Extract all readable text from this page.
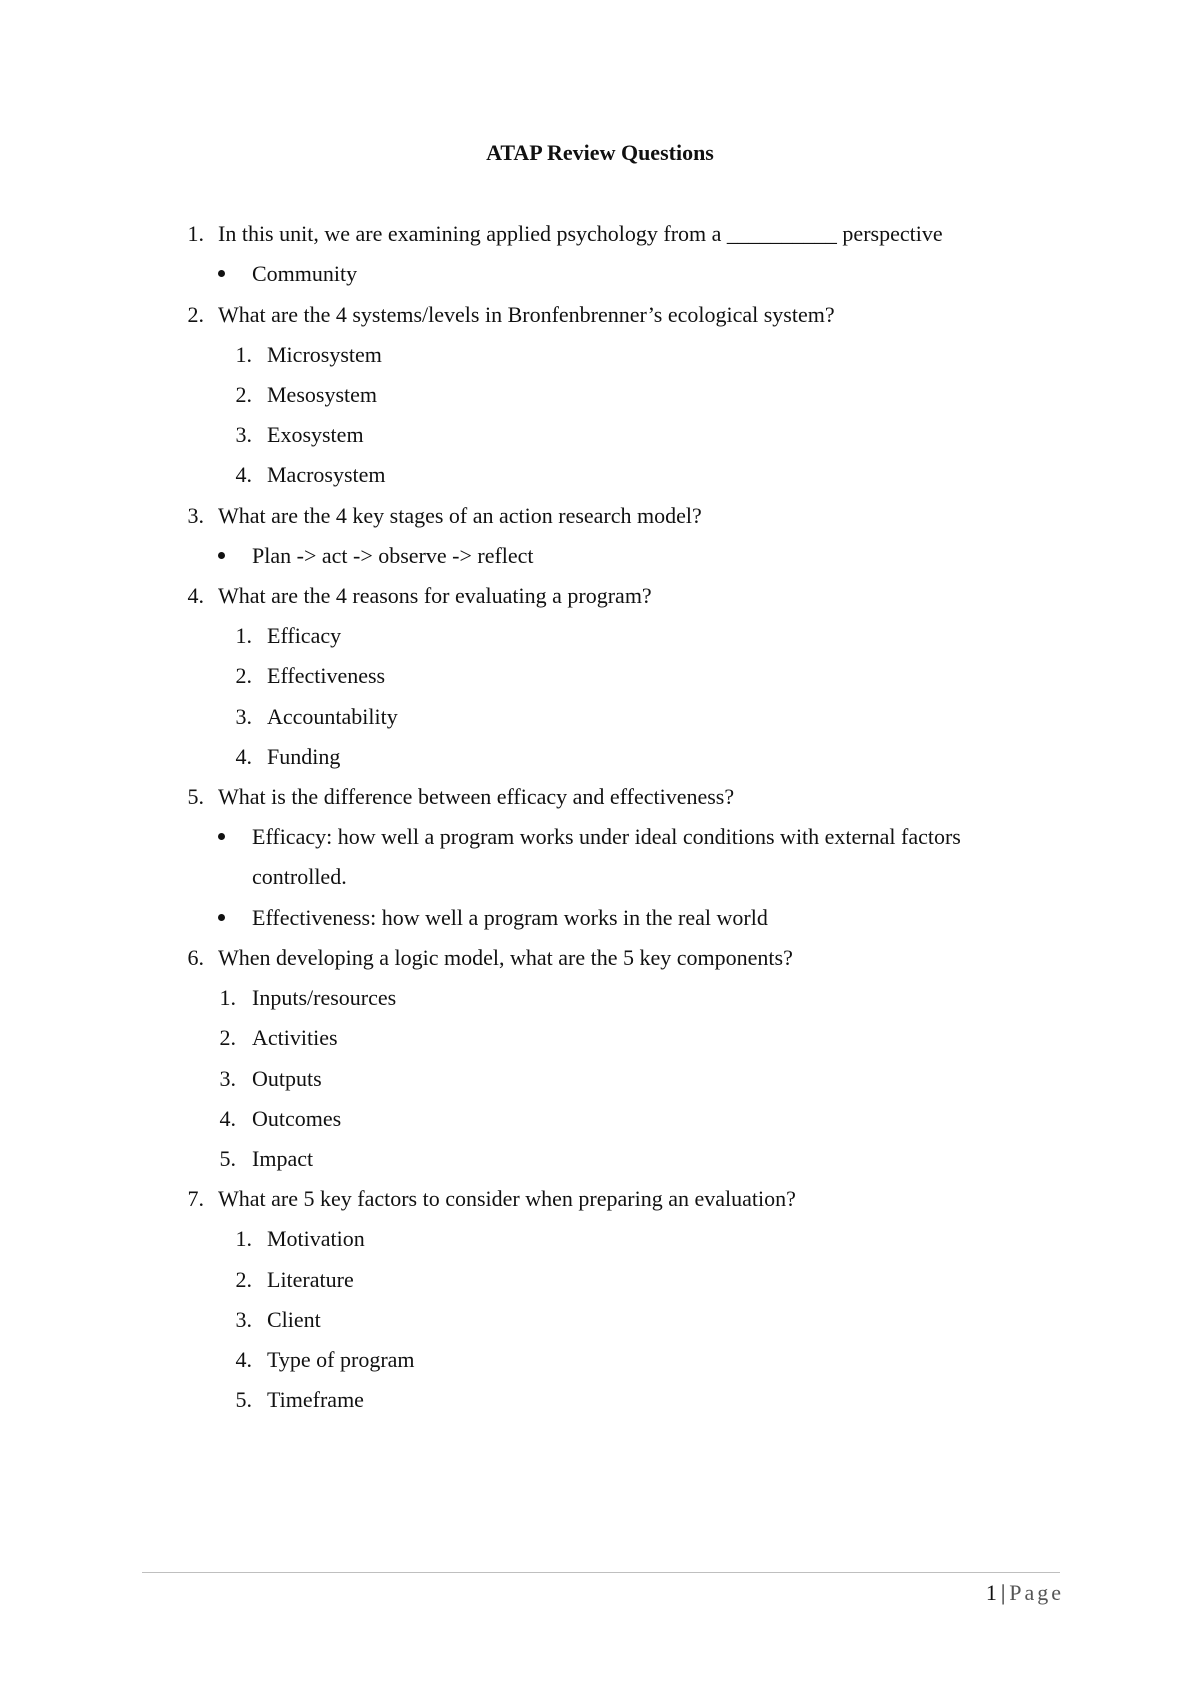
ATAP Review Questions
1. In this unit, we are examining applied psychology from a __________ perspective
Community
2. What are the 4 systems/levels in Bronfenbrenner’s ecological system?
1. Microsystem
2. Mesosystem
3. Exosystem
4. Macrosystem
3. What are the 4 key stages of an action research model?
Plan -> act -> observe -> reflect
4. What are the 4 reasons for evaluating a program?
1. Efficacy
2. Effectiveness
3. Accountability
4. Funding
5. What is the difference between efficacy and effectiveness?
Efficacy: how well a program works under ideal conditions with external factors
controlled.
Effectiveness: how well a program works in the real world
6. When developing a logic model, what are the 5 key components?
1. Inputs/resources
2. Activities
3. Outputs
4. Outcomes
5. Impact
7. What are 5 key factors to consider when preparing an evaluation?
1. Motivation
2. Literature
3. Client
4. Type of program
5. Timeframe
1 | Page
